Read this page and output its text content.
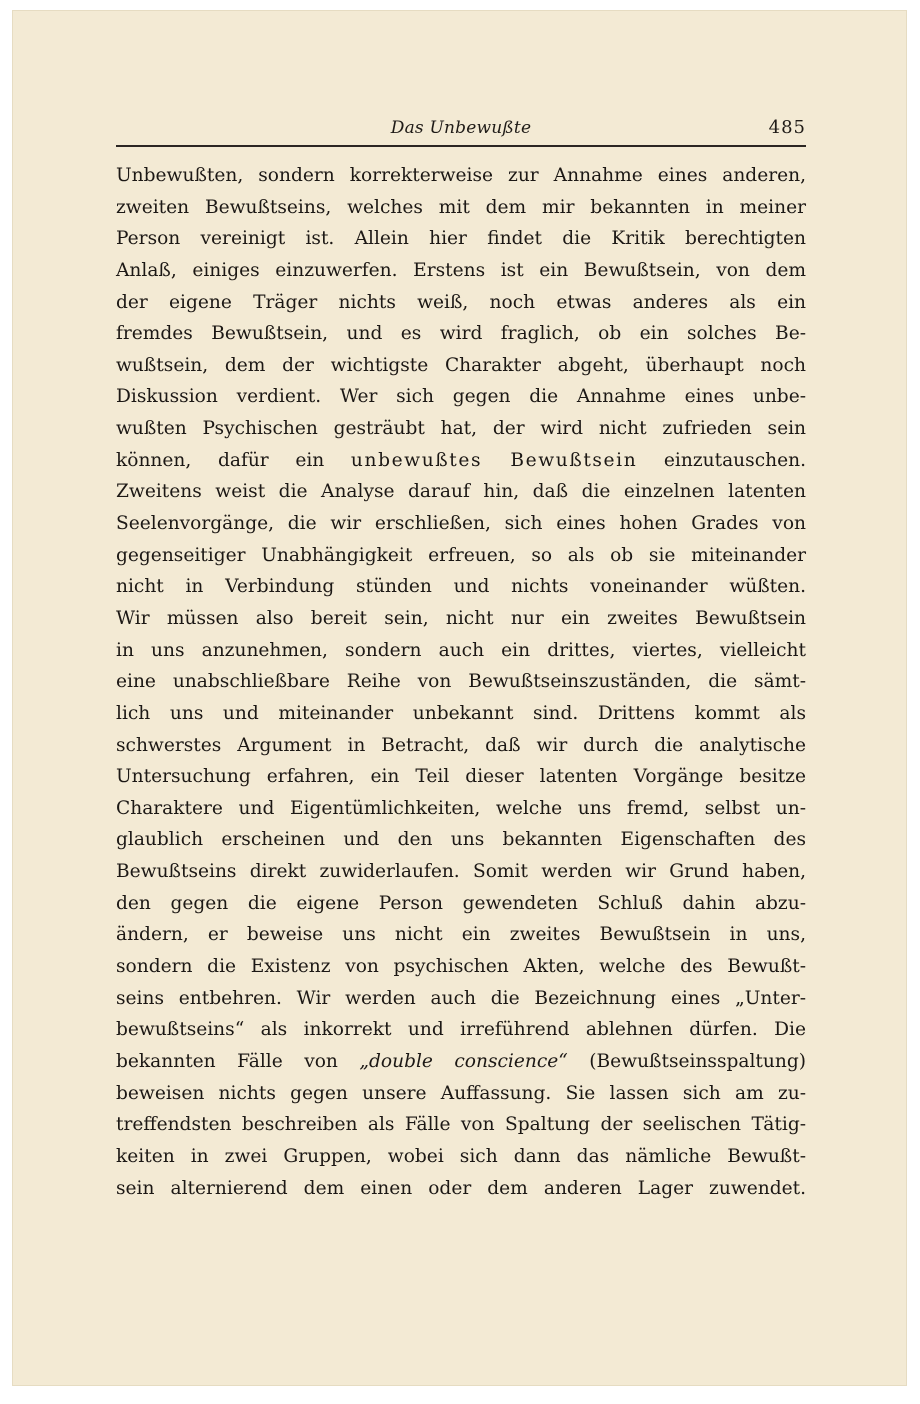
Das Unbewußte	485
Unbewußten, sondern korrekterweise zur Annahme eines anderen,
zweiten Bewußtseins, welches mit dem mir bekannten in meiner
Person vereinigt ist. Allein hier findet die Kritik berechtigten
Anlaß, einiges einzuwerfen. Erstens ist ein Bewußtsein, von dem
der eigene Träger nichts weiß, noch etwas anderes als ein
fremdes Bewußtsein, und es wird fraglich, ob ein solches Be-
wußtsein, dem der wichtigste Charakter abgeht, überhaupt noch
Diskussion verdient. Wer sich gegen die Annahme eines unbe-
wußten Psychischen gesträubt hat, der wird nicht zufrieden sein
können, dafür ein unbewußtes Bewußtsein einzutauschen.
Zweitens weist die Analyse darauf hin, daß die einzelnen latenten
Seelenvorgänge, die wir erschließen, sich eines hohen Grades von
gegenseitiger Unabhängigkeit erfreuen, so als ob sie miteinander
nicht in Verbindung stünden und nichts voneinander wüßten.
Wir müssen also bereit sein, nicht nur ein zweites Bewußtsein
in uns anzunehmen, sondern auch ein drittes, viertes, vielleicht
eine unabschließbare Reihe von Bewußtseinszuständen, die sämt-
lich uns und miteinander unbekannt sind. Drittens kommt als
schwerstes Argument in Betracht, daß wir durch die analytische
Untersuchung erfahren, ein Teil dieser latenten Vorgänge besitze
Charaktere und Eigentümlichkeiten, welche uns fremd, selbst un-
glaublich erscheinen und den uns bekannten Eigenschaften des
Bewußtseins direkt zuwiderlaufen. Somit werden wir Grund haben,
den gegen die eigene Person gewendeten Schluß dahin abzu-
ändern, er beweise uns nicht ein zweites Bewußtsein in uns,
sondern die Existenz von psychischen Akten, welche des Bewußt-
seins entbehren. Wir werden auch die Bezeichnung eines „Unter-
bewußtseins“ als inkorrekt und irreführend ablehnen dürfen. Die
bekannten Fälle von „double conscience“ (Bewußtseinsspaltung)
beweisen nichts gegen unsere Auffassung. Sie lassen sich am zu-
treffendsten beschreiben als Fälle von Spaltung der seelischen Tätig-
keiten in zwei Gruppen, wobei sich dann das nämliche Bewußt-
sein alternierend dem einen oder dem anderen Lager zuwendet.
